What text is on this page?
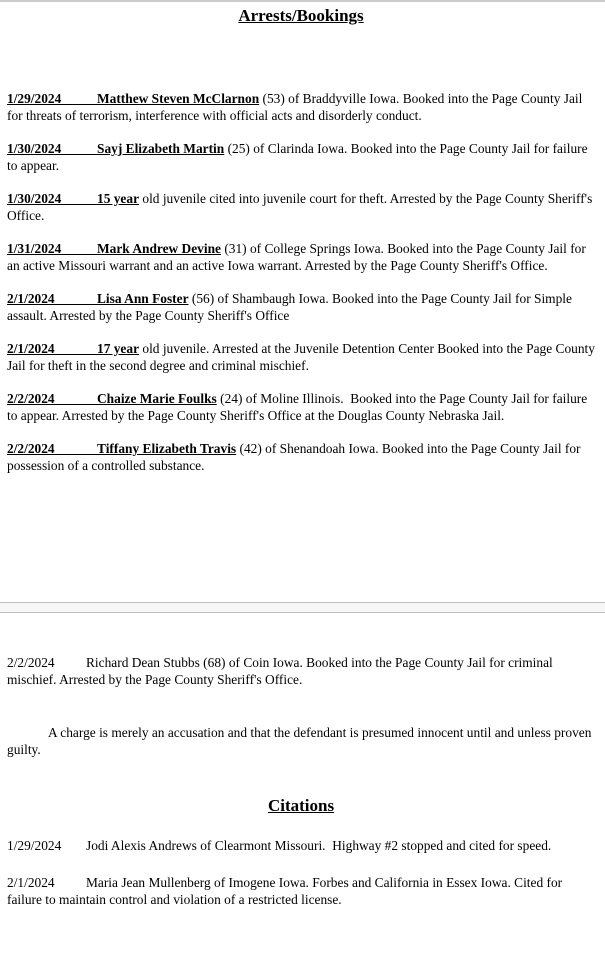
Arrests/Bookings

1/29/2024	Matthew Steven McClarnon (53) of Braddyville Iowa. Booked into the Page County Jail for threats of terrorism, interference with official acts and disorderly conduct.

1/30/2024	Sayj Elizabeth Martin (25) of Clarinda Iowa. Booked into the Page County Jail for failure to appear.

1/30/2024	15 year old juvenile cited into juvenile court for theft. Arrested by the Page County Sheriff's Office.

1/31/2024	Mark Andrew Devine (31) of College Springs Iowa. Booked into the Page County Jail for an active Missouri warrant and an active Iowa warrant. Arrested by the Page County Sheriff's Office.

2/1/2024	Lisa Ann Foster (56) of Shambaugh Iowa. Booked into the Page County Jail for Simple assault. Arrested by the Page County Sheriff's Office

2/1/2024	17 year old juvenile. Arrested at the Juvenile Detention Center Booked into the Page County Jail for theft in the second degree and criminal mischief.

2/2/2024	Chaize Marie Foulks (24) of Moline Illinois.  Booked into the Page County Jail for failure to appear. Arrested by the Page County Sheriff's Office at the Douglas County Nebraska Jail.

2/2/2024	Tiffany Elizabeth Travis (42) of Shenandoah Iowa. Booked into the Page County Jail for possession of a controlled substance.

2/2/2024 Richard Dean Stubbs (68) of Coin Iowa. Booked into the Page County Jail for criminal mischief. Arrested by the Page County Sheriff's Office.

A charge is merely an accusation and that the defendant is presumed innocent until and unless proven guilty.

Citations

1/29/2024 Jodi Alexis Andrews of Clearmont Missouri.  Highway #2 stopped and cited for speed.

2/1/2024 Maria Jean Mullenberg of Imogene Iowa. Forbes and California in Essex Iowa. Cited for failure to maintain control and violation of a restricted license.
